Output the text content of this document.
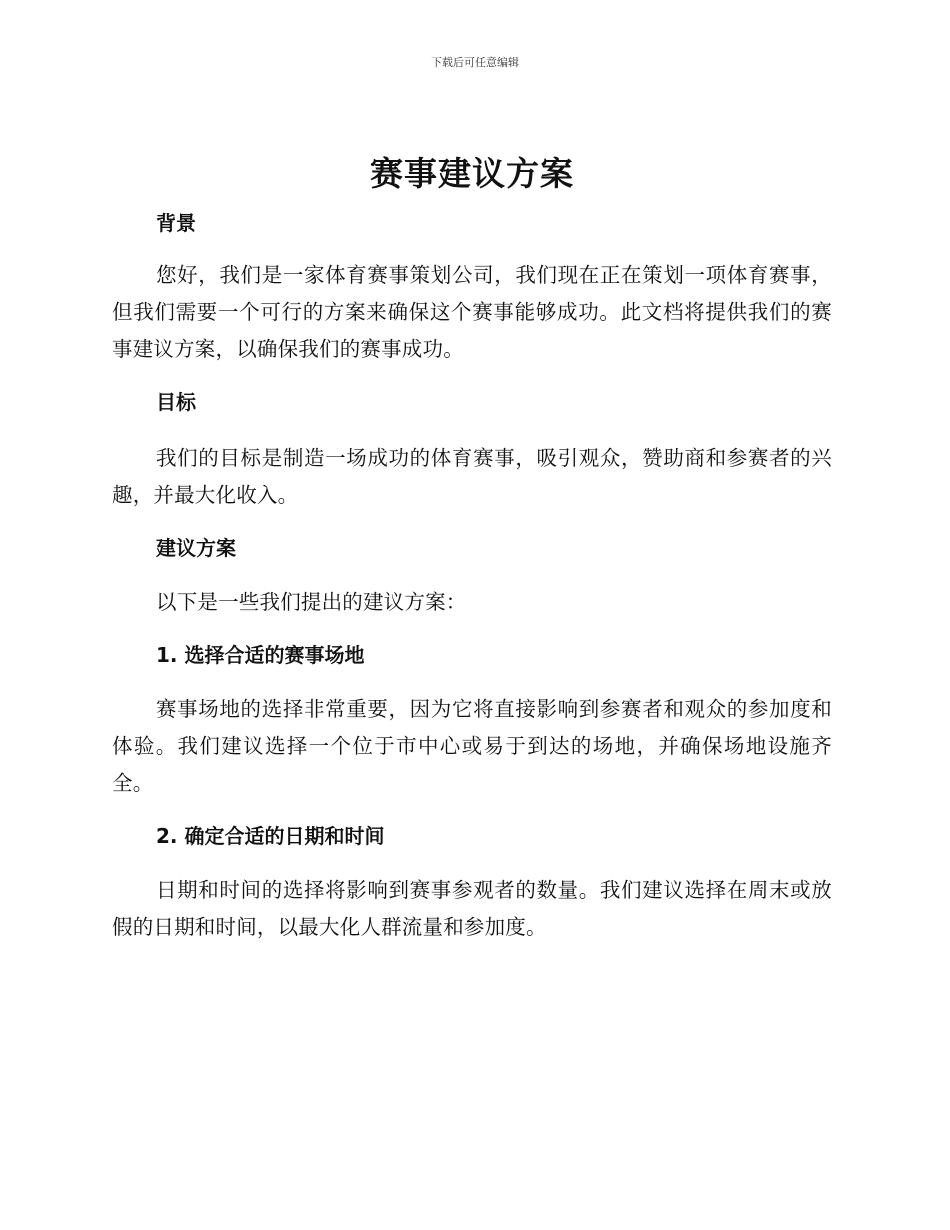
下载后可任意编辑
赛事建议方案
背景

您好，我们是一家体育赛事策划公司，我们现在正在策划一项体育赛事，但我们需要一个可行的方案来确保这个赛事能够成功。此文档将提供我们的赛事建议方案，以确保我们的赛事成功。

目标

我们的目标是制造一场成功的体育赛事，吸引观众，赞助商和参赛者的兴趣，并最大化收入。

建议方案

以下是一些我们提出的建议方案：

1. 选择合适的赛事场地

赛事场地的选择非常重要，因为它将直接影响到参赛者和观众的参加度和体验。我们建议选择一个位于市中心或易于到达的场地，并确保场地设施齐全。

2. 确定合适的日期和时间

日期和时间的选择将影响到赛事参观者的数量。我们建议选择在周末或放假的日期和时间，以最大化人群流量和参加度。
